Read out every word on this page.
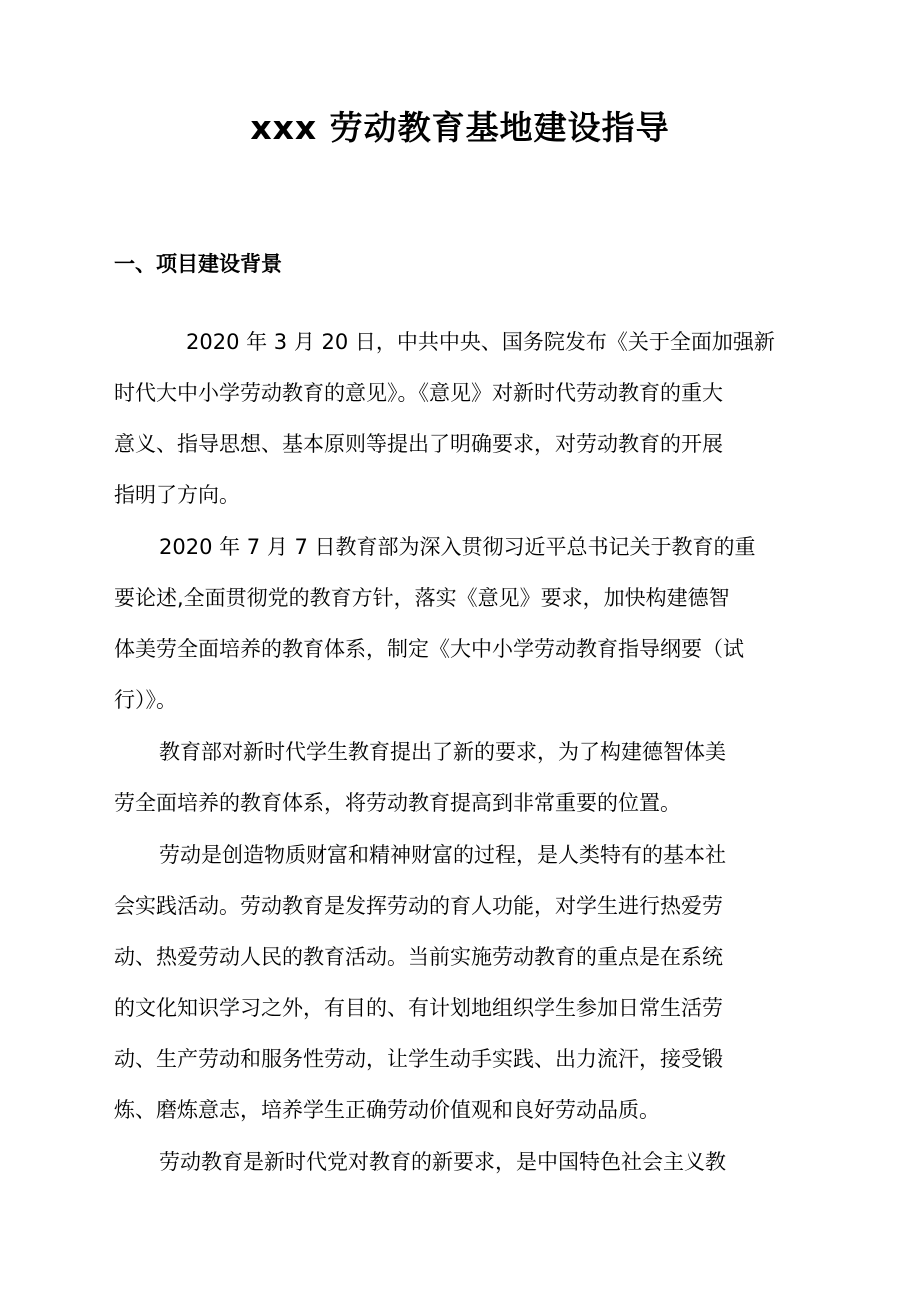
xxx 劳动教育基地建设指导
一、项目建设背景

　2020 年 3 月 20 日，中共中央、国务院发布《关于全面加强新

时代大中小学劳动教育的意见》。《意见》对新时代劳动教育的重大

意义、指导思想、基本原则等提出了明确要求，对劳动教育的开展

指明了方向。

2020 年 7 月 7 日教育部为深入贯彻习近平总书记关于教育的重

要论述,全面贯彻党的教育方针，落实《意见》要求，加快构建德智

体美劳全面培养的教育体系，制定《大中小学劳动教育指导纲要（试

行）》。

教育部对新时代学生教育提出了新的要求，为了构建德智体美

劳全面培养的教育体系，将劳动教育提高到非常重要的位置。

劳动是创造物质财富和精神财富的过程，是人类特有的基本社

会实践活动。劳动教育是发挥劳动的育人功能，对学生进行热爱劳

动、热爱劳动人民的教育活动。当前实施劳动教育的重点是在系统

的文化知识学习之外，有目的、有计划地组织学生参加日常生活劳

动、生产劳动和服务性劳动，让学生动手实践、出力流汗，接受锻

炼、磨炼意志，培养学生正确劳动价值观和良好劳动品质。

劳动教育是新时代党对教育的新要求，是中国特色社会主义教
